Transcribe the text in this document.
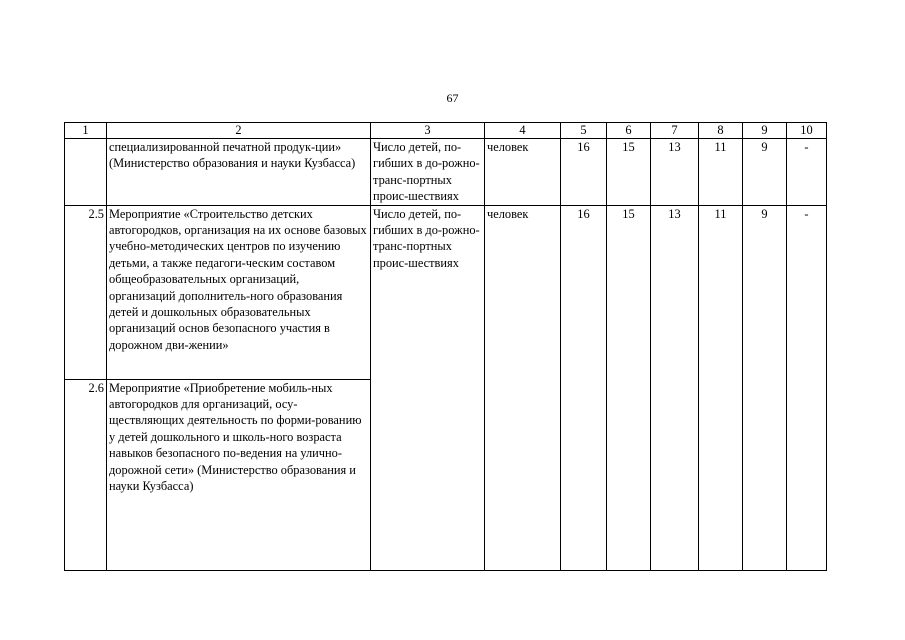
67
1	2	3	4	5	6	7	8	9	10
	специализированной печатной продук-ции» (Министерство образования и науки Кузбасса)	Число детей, по-гибших в до-рожно-транс-портных проис-шествиях	человек	16	15	13	11	9	-
2.5	Мероприятие «Строительство детских автогородков, организация на их основе базовых учебно-методических центров по изучению детьми, а также педагоги-ческим составом общеобразовательных организаций, организаций дополнитель-ного образования детей и дошкольных образовательных организаций основ безопасного участия в дорожном дви-жении»	Число детей, по-гибших в до-рожно-транс-портных проис-шествиях	человек	16	15	13	11	9	-
2.6	Мероприятие «Приобретение мобиль-ных автогородков для организаций, осу-ществляющих деятельность по форми-рованию у детей дошкольного и школь-ного возраста навыков безопасного по-ведения на улично-дорожной сети» (Министерство образования и науки Кузбасса)								
